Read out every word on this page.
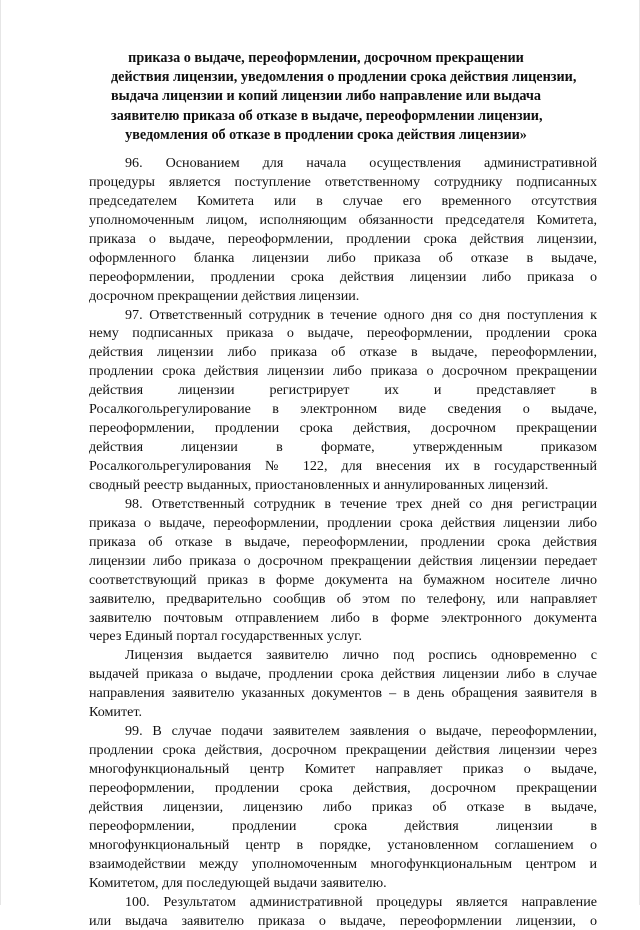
приказа о выдаче, переоформлении, досрочном прекращении
действия лицензии, уведомления о продлении срока действия лицензии,
выдача лицензии и копий лицензии либо направление или выдача
заявителю приказа об отказе в выдаче, переоформлении лицензии,
уведомления об отказе в продлении срока действия лицензии»
96. Основанием для начала осуществления административной
процедуры является поступление ответственному сотруднику подписанных
председателем Комитета или в случае его временного отсутствия
уполномоченным лицом, исполняющим обязанности председателя Комитета,
приказа о выдаче, переоформлении, продлении срока действия лицензии,
оформленного бланка лицензии либо приказа об отказе в выдаче,
переоформлении, продлении срока действия лицензии либо приказа о
досрочном прекращении действия лицензии.
97. Ответственный сотрудник в течение одного дня со дня поступления к
нему подписанных приказа о выдаче, переоформлении, продлении срока
действия лицензии либо приказа об отказе в выдаче, переоформлении,
продлении срока действия лицензии либо приказа о досрочном прекращении
действия лицензии регистрирует их и представляет в
Росалкогольрегулирование в электронном виде сведения о выдаче,
переоформлении, продлении срока действия, досрочном прекращении
действия лицензии в формате, утвержденным приказом
Росалкогольрегулирования № 122, для внесения их в государственный
сводный реестр выданных, приостановленных и аннулированных лицензий.
98. Ответственный сотрудник в течение трех дней со дня регистрации
приказа о выдаче, переоформлении, продлении срока действия лицензии либо
приказа об отказе в выдаче, переоформлении, продлении срока действия
лицензии либо приказа о досрочном прекращении действия лицензии передает
соответствующий приказ в форме документа на бумажном носителе лично
заявителю, предварительно сообщив об этом по телефону, или направляет
заявителю почтовым отправлением либо в форме электронного документа
через Единый портал государственных услуг.
Лицензия выдается заявителю лично под роспись одновременно с
выдачей приказа о выдаче, продлении срока действия лицензии либо в случае
направления заявителю указанных документов – в день обращения заявителя в
Комитет.
99. В случае подачи заявителем заявления о выдаче, переоформлении,
продлении срока действия, досрочном прекращении действия лицензии через
многофункциональный центр Комитет направляет приказ о выдаче,
переоформлении, продлении срока действия, досрочном прекращении
действия лицензии, лицензию либо приказ об отказе в выдаче,
переоформлении, продлении срока действия лицензии в
многофункциональный центр в порядке, установленном соглашением о
взаимодействии между уполномоченным многофункциональным центром и
Комитетом, для последующей выдачи заявителю.
100. Результатом административной процедуры является направление
или выдача заявителю приказа о выдаче, переоформлении лицензии, о
